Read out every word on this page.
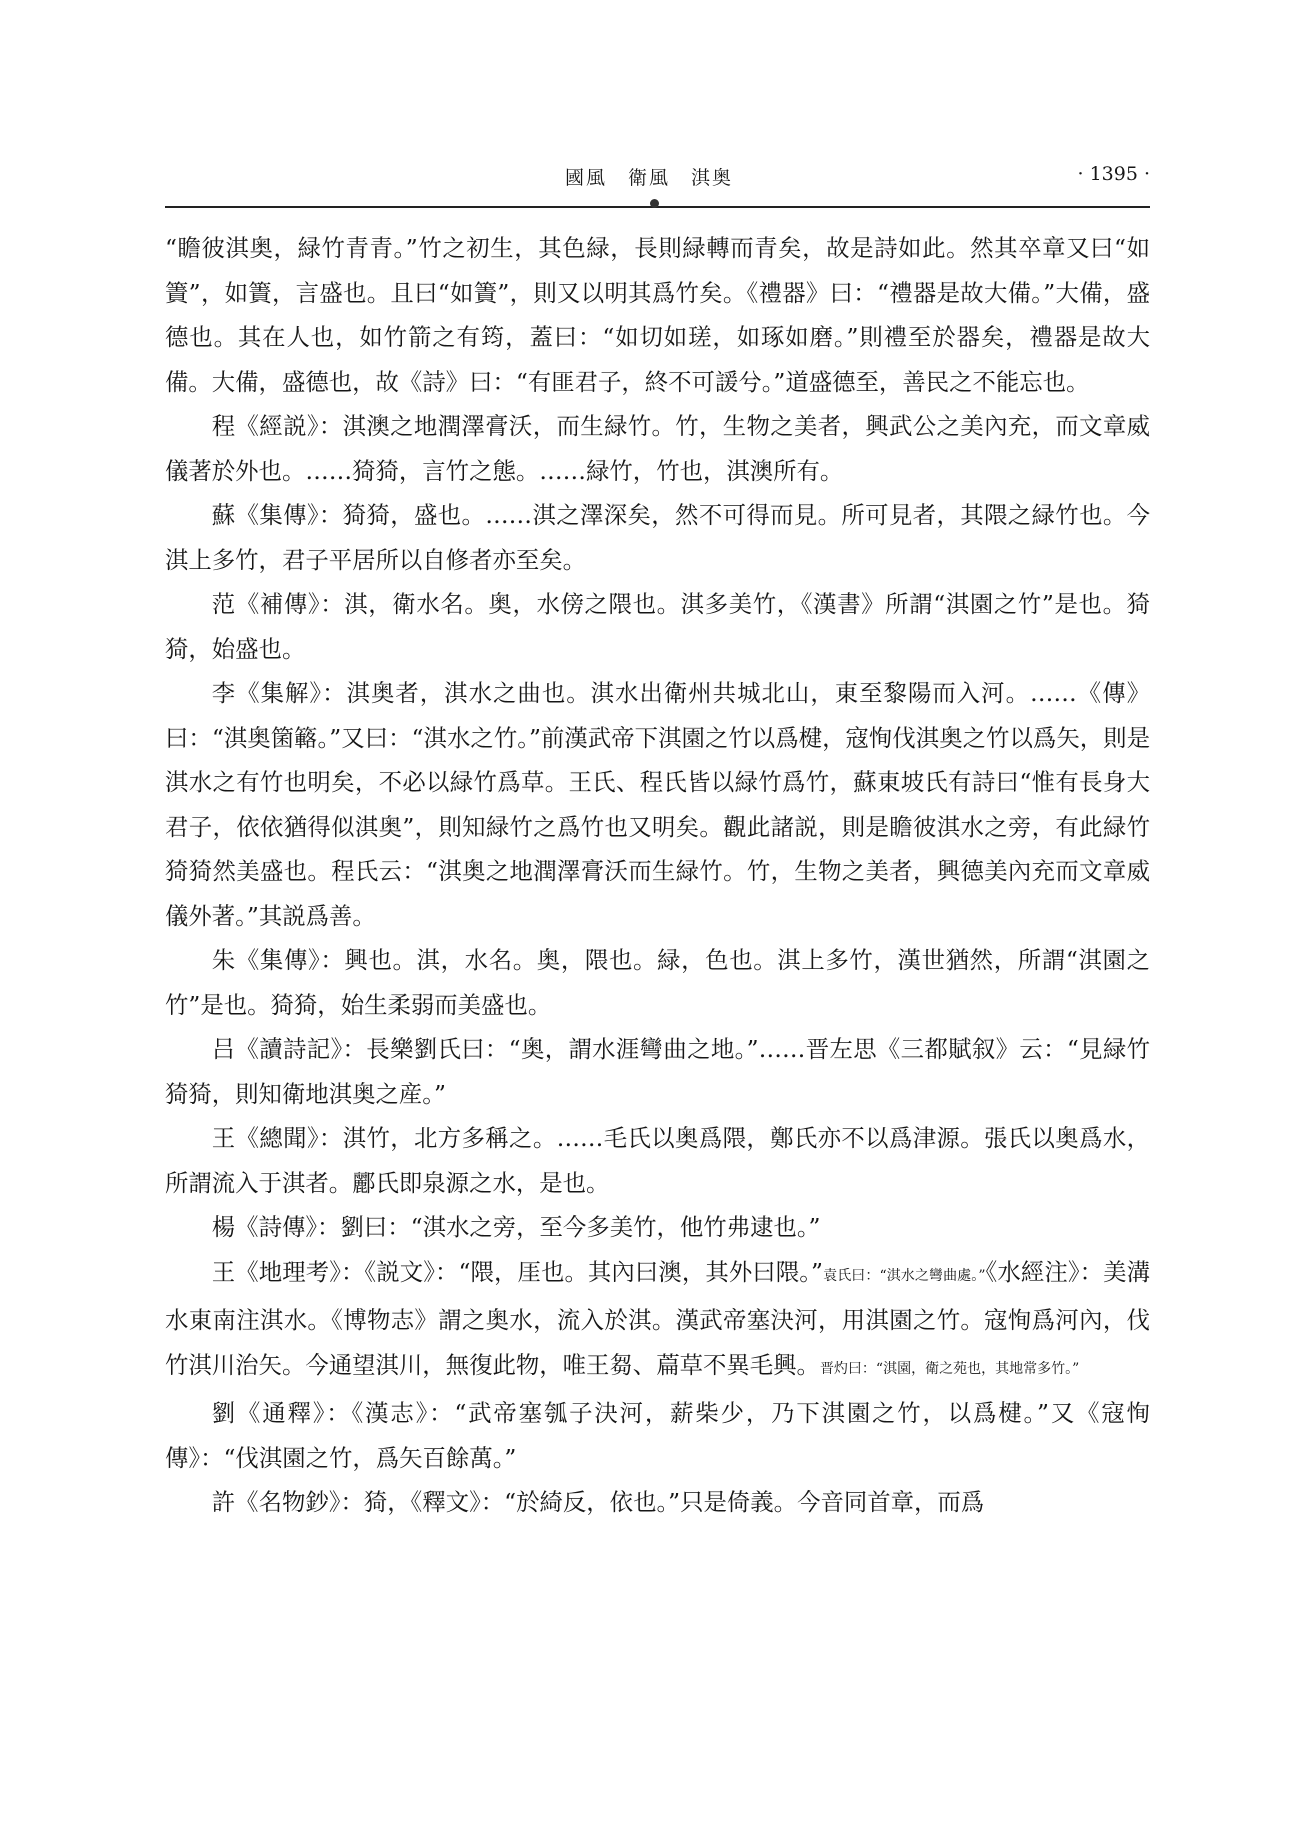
國風　衛風　淇奥	· 1395 ·

“瞻彼淇奥，緑竹青青。”竹之初生，其色緑，長則緑轉而青矣，故是詩如此。然其卒章又曰“如簀”，如簀，言盛也。且曰“如簀”，則又以明其爲竹矣。《禮器》曰：“禮器是故大備。”大備，盛德也。其在人也，如竹箭之有筠，蓋曰：“如切如瑳，如琢如磨。”則禮至於器矣，禮器是故大備。大備，盛德也，故《詩》曰：“有匪君子，終不可諼兮。”道盛德至，善民之不能忘也。

程《經説》：淇澳之地潤澤膏沃，而生緑竹。竹，生物之美者，興武公之美內充，而文章威儀著於外也。……猗猗，言竹之態。……緑竹，竹也，淇澳所有。

蘇《集傳》：猗猗，盛也。……淇之澤深矣，然不可得而見。所可見者，其隈之緑竹也。今淇上多竹，君子平居所以自修者亦至矣。

范《補傳》：淇，衛水名。奥，水傍之隈也。淇多美竹，《漢書》所謂“淇園之竹”是也。猗猗，始盛也。

李《集解》：淇奥者，淇水之曲也。淇水出衛州共城北山，東至黎陽而入河。……《傳》曰：“淇奥箘簵。”又曰：“淇水之竹。”前漢武帝下淇園之竹以爲楗，寇恂伐淇奥之竹以爲矢，則是淇水之有竹也明矣，不必以緑竹爲草。王氏、程氏皆以緑竹爲竹，蘇東坡氏有詩曰“惟有長身大君子，依依猶得似淇奥”，則知緑竹之爲竹也又明矣。觀此諸説，則是瞻彼淇水之旁，有此緑竹猗猗然美盛也。程氏云：“淇奥之地潤澤膏沃而生緑竹。竹，生物之美者，興德美內充而文章威儀外著。”其説爲善。

朱《集傳》：興也。淇，水名。奥，隈也。緑，色也。淇上多竹，漢世猶然，所謂“淇園之竹”是也。猗猗，始生柔弱而美盛也。

吕《讀詩記》：長樂劉氏曰：“奥，謂水涯彎曲之地。”……晋左思《三都賦叙》云：“見緑竹猗猗，則知衛地淇奥之産。”

王《總聞》：淇竹，北方多稱之。……毛氏以奥爲隈，鄭氏亦不以爲津源。張氏以奥爲水，所謂流入于淇者。酈氏即泉源之水，是也。

楊《詩傳》：劉曰：“淇水之旁，至今多美竹，他竹弗逮也。”

王《地理考》：《説文》：“隈，厓也。其內曰澳，其外曰隈。”袁氏曰：“淇水之彎曲處。”《水經注》：美溝水東南注淇水。《博物志》謂之奥水，流入於淇。漢武帝塞決河，用淇園之竹。寇恂爲河內，伐竹淇川治矢。今通望淇川，無復此物，唯王芻、萹草不異毛興。晋灼曰：“淇園，衛之苑也，其地常多竹。”

劉《通釋》：《漢志》：“武帝塞瓠子決河，薪柴少，乃下淇園之竹，以爲楗。”又《寇恂傳》：“伐淇園之竹，爲矢百餘萬。”

許《名物鈔》：猗，《釋文》：“於綺反，依也。”只是倚義。今音同首章，而爲
